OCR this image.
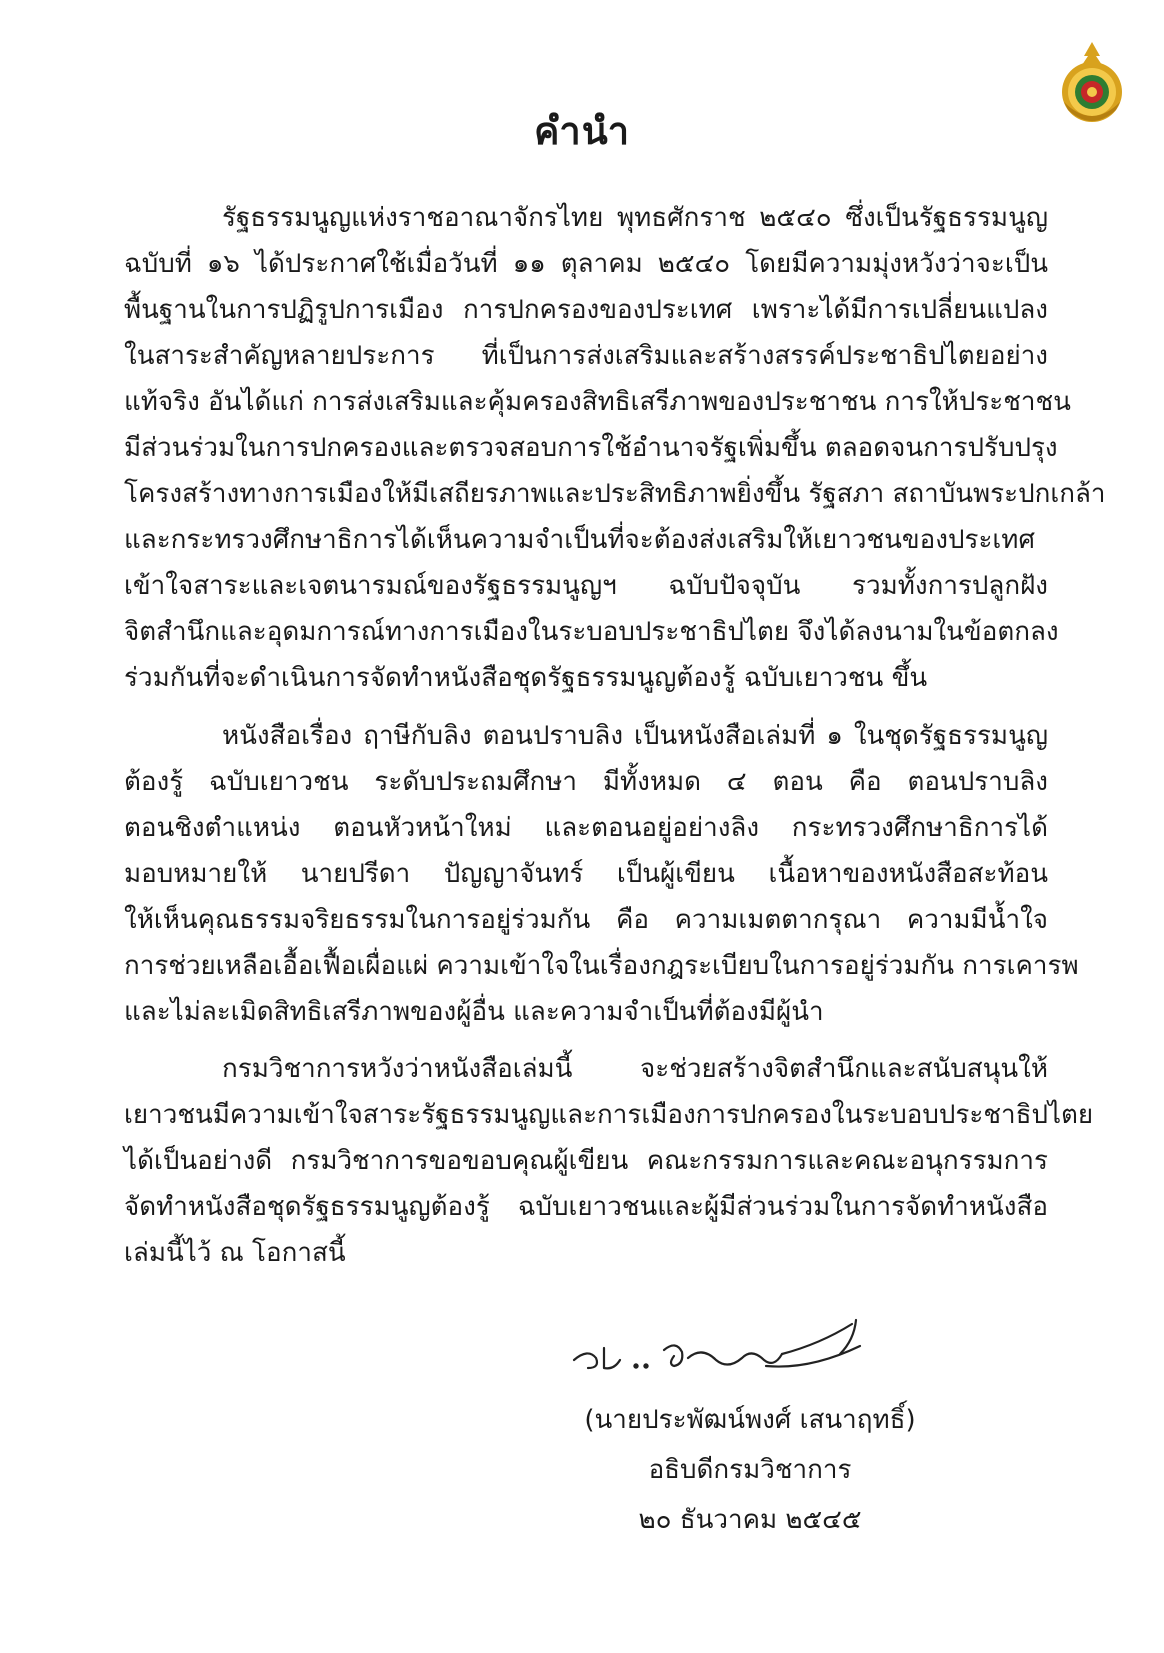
คำนำ
รัฐธรรมนูญแห่งราชอาณาจักรไทย พุทธศักราช ๒๕๔๐ ซึ่งเป็นรัฐธรรมนูญ
ฉบับที่ ๑๖ ได้ประกาศใช้เมื่อวันที่ ๑๑ ตุลาคม ๒๕๔๐ โดยมีความมุ่งหวังว่าจะเป็น
พื้นฐานในการปฏิรูปการเมือง การปกครองของประเทศ เพราะได้มีการเปลี่ยนแปลง
ในสาระสำคัญหลายประการ ที่เป็นการส่งเสริมและสร้างสรรค์ประชาธิปไตยอย่าง
แท้จริง อันได้แก่ การส่งเสริมและคุ้มครองสิทธิเสรีภาพของประชาชน การให้ประชาชน
มีส่วนร่วมในการปกครองและตรวจสอบการใช้อำนาจรัฐเพิ่มขึ้น ตลอดจนการปรับปรุง
โครงสร้างทางการเมืองให้มีเสถียรภาพและประสิทธิภาพยิ่งขึ้น รัฐสภา สถาบันพระปกเกล้า
และกระทรวงศึกษาธิการได้เห็นความจำเป็นที่จะต้องส่งเสริมให้เยาวชนของประเทศ
เข้าใจสาระและเจตนารมณ์ของรัฐธรรมนูญฯ ฉบับปัจจุบัน รวมทั้งการปลูกฝัง
จิตสำนึกและอุดมการณ์ทางการเมืองในระบอบประชาธิปไตย จึงได้ลงนามในข้อตกลง
ร่วมกันที่จะดำเนินการจัดทำหนังสือชุดรัฐธรรมนูญต้องรู้ ฉบับเยาวชน ขึ้น
หนังสือเรื่อง ฤาษีกับลิง ตอนปราบลิง เป็นหนังสือเล่มที่ ๑ ในชุดรัฐธรรมนูญ
ต้องรู้ ฉบับเยาวชน ระดับประถมศึกษา มีทั้งหมด ๔ ตอน คือ ตอนปราบลิง
ตอนชิงตำแหน่ง ตอนหัวหน้าใหม่ และตอนอยู่อย่างลิง กระทรวงศึกษาธิการได้
มอบหมายให้ นายปรีดา ปัญญาจันทร์ เป็นผู้เขียน เนื้อหาของหนังสือสะท้อน
ให้เห็นคุณธรรมจริยธรรมในการอยู่ร่วมกัน คือ ความเมตตากรุณา ความมีน้ำใจ
การช่วยเหลือเอื้อเฟื้อเผื่อแผ่ ความเข้าใจในเรื่องกฎระเบียบในการอยู่ร่วมกัน การเคารพ
และไม่ละเมิดสิทธิเสรีภาพของผู้อื่น และความจำเป็นที่ต้องมีผู้นำ
กรมวิชาการหวังว่าหนังสือเล่มนี้ จะช่วยสร้างจิตสำนึกและสนับสนุนให้
เยาวชนมีความเข้าใจสาระรัฐธรรมนูญและการเมืองการปกครองในระบอบประชาธิปไตย
ได้เป็นอย่างดี กรมวิชาการขอขอบคุณผู้เขียน คณะกรรมการและคณะอนุกรรมการ
จัดทำหนังสือชุดรัฐธรรมนูญต้องรู้ ฉบับเยาวชนและผู้มีส่วนร่วมในการจัดทำหนังสือ
เล่มนี้ไว้ ณ โอกาสนี้
(นายประพัฒน์พงศ์ เสนาฤทธิ์)
อธิบดีกรมวิชาการ
๒๐ ธันวาคม ๒๕๔๕
